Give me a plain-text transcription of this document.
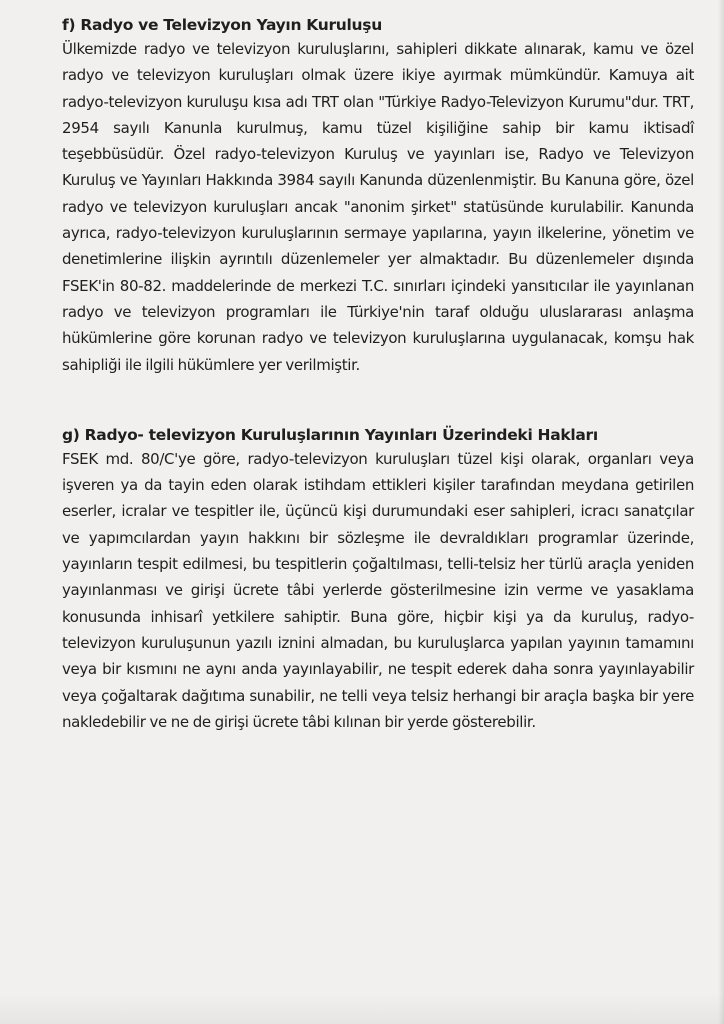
f) Radyo ve Televizyon Yayın Kuruluşu

Ülkemizde radyo ve televizyon kuruluşlarını, sahipleri dikkate alınarak, kamu ve özel radyo ve televizyon kuruluşları olmak üzere ikiye ayırmak mümkündür. Kamuya ait radyo-televizyon kuruluşu kısa adı TRT olan "Türkiye Radyo-Televizyon Kurumu"dur. TRT, 2954 sayılı Kanunla kurulmuş, kamu tüzel kişiliğine sahip bir kamu iktisadî teşebbüsüdür. Özel radyo-televizyon Kuruluş ve yayınları ise, Radyo ve Televizyon Kuruluş ve Yayınları Hakkında 3984 sayılı Kanunda düzenlenmiştir. Bu Kanuna göre, özel radyo ve televizyon kuruluşları ancak "anonim şirket" statüsünde kurulabilir. Kanunda ayrıca, radyo-televizyon kuruluşlarının sermaye yapılarına, yayın ilkelerine, yönetim ve denetimlerine ilişkin ayrıntılı düzenlemeler yer almaktadır. Bu düzenlemeler dışında FSEK'in 80-82. maddelerinde de merkezi T.C. sınırları içindeki yansıtıcılar ile yayınlanan radyo ve televizyon programları ile Türkiye'nin taraf olduğu uluslararası anlaşma hükümlerine göre korunan radyo ve televizyon kuruluşlarına uygulanacak, komşu hak sahipliği ile ilgili hükümlere yer verilmiştir.

g) Radyo- televizyon Kuruluşlarının Yayınları Üzerindeki Hakları

FSEK md. 80/C'ye göre, radyo-televizyon kuruluşları tüzel kişi olarak, organları veya işveren ya da tayin eden olarak istihdam ettikleri kişiler tarafından meydana getirilen eserler, icralar ve tespitler ile, üçüncü kişi durumundaki eser sahipleri, icracı sanatçılar ve yapımcılardan yayın hakkını bir sözleşme ile devraldıkları programlar üzerinde, yayınların tespit edilmesi, bu tespitlerin çoğaltılması, telli-telsiz her türlü araçla yeniden yayınlanması ve girişi ücrete tâbi yerlerde gösterilmesine izin verme ve yasaklama konusunda inhisarî yetkilere sahiptir. Buna göre, hiçbir kişi ya da kuruluş, radyo-televizyon kuruluşunun yazılı iznini almadan, bu kuruluşlarca yapılan yayının tamamını veya bir kısmını ne aynı anda yayınlayabilir, ne tespit ederek daha sonra yayınlayabilir veya çoğaltarak dağıtıma sunabilir, ne telli veya telsiz herhangi bir araçla başka bir yere nakledebilir ve ne de girişi ücrete tâbi kılınan bir yerde gösterebilir.
